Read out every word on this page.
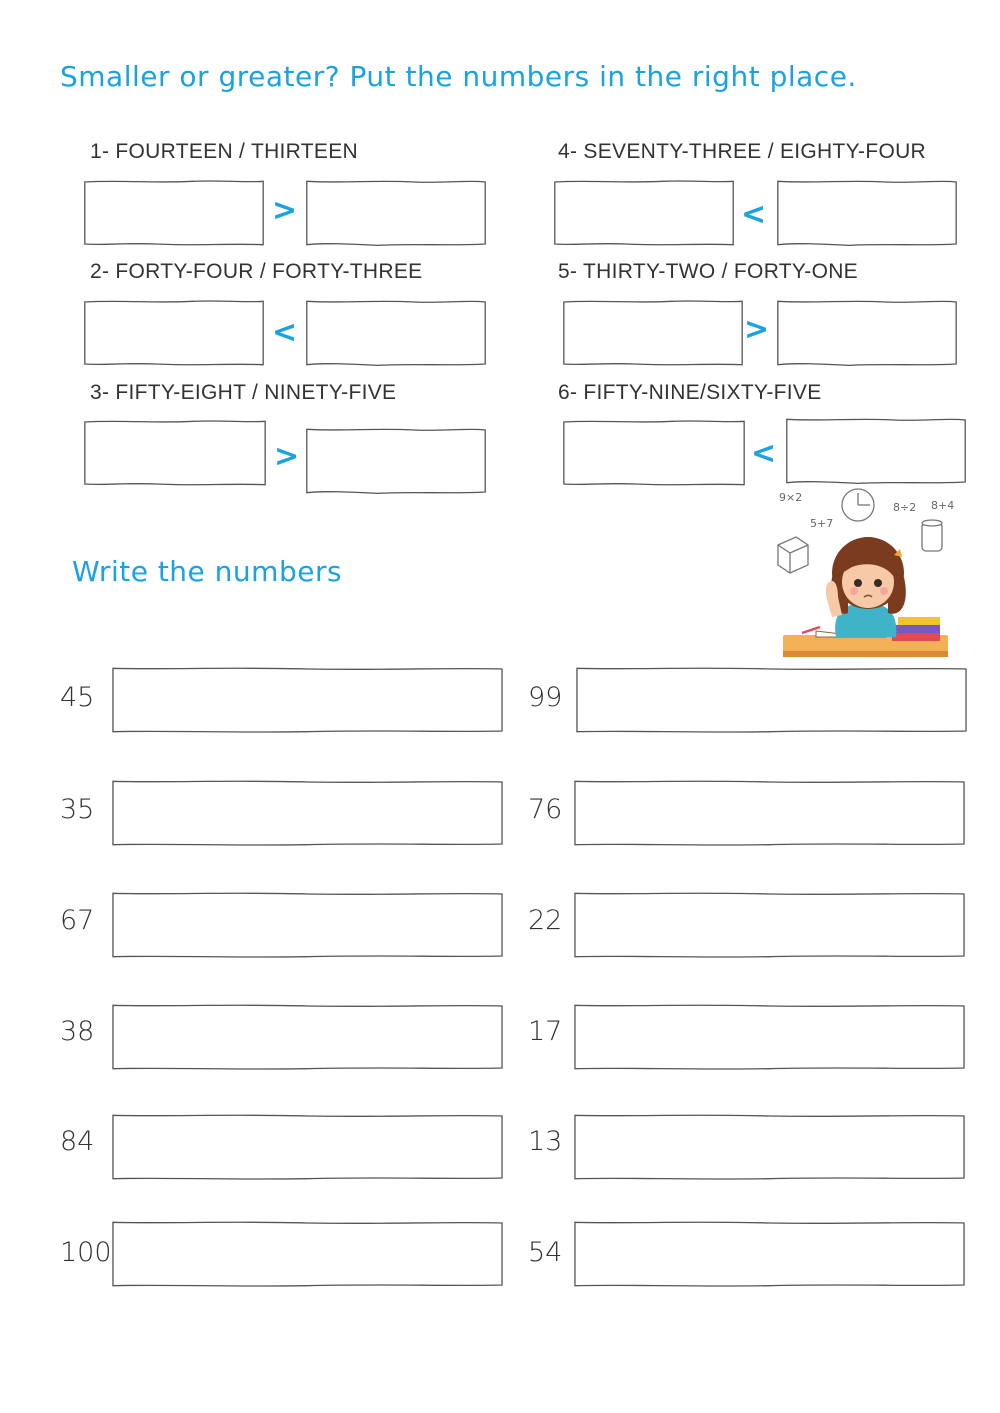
Smaller or greater? Put the numbers in the right place.
1- FOURTEEN / THIRTEEN
2- FORTY-FOUR / FORTY-THREE
3- FIFTY-EIGHT / NINETY-FIVE
4- SEVENTY-THREE / EIGHTY-FOUR
5- THIRTY-TWO / FORTY-ONE
6- FIFTY-NINE/SIXTY-FIVE
>
<
>
<
>
<
9×2
5+7
8÷2 8+4
Write the numbers
45
35
67
38
84
100
99
76
22
17
13
54
